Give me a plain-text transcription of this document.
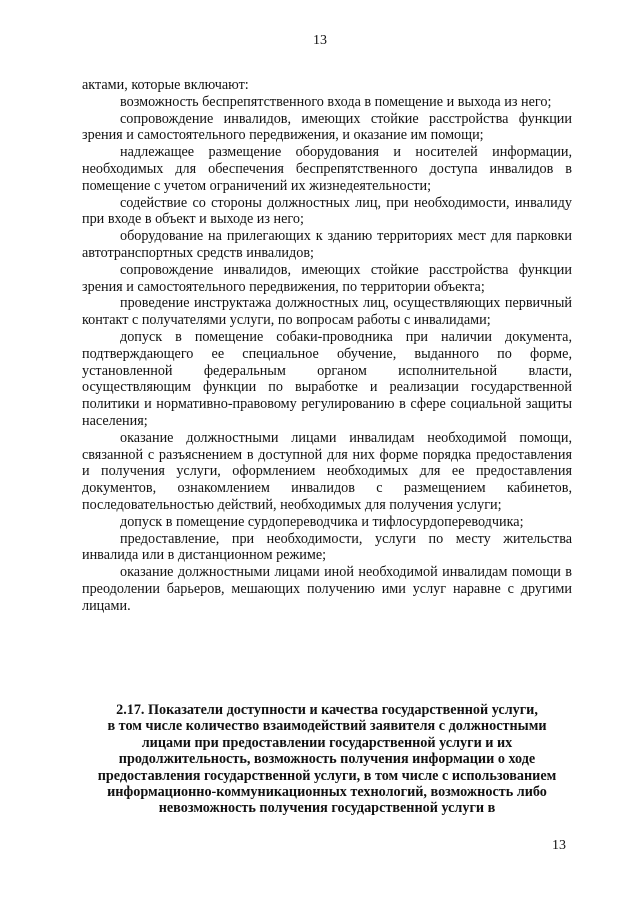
13

актами, которые включают:

возможность беспрепятственного входа в помещение и выхода из него;

сопровождение инвалидов, имеющих стойкие расстройства функции зрения и самостоятельного передвижения, и оказание им помощи;

надлежащее размещение оборудования и носителей информации, необходимых для обеспечения беспрепятственного доступа инвалидов в помещение с учетом ограничений их жизнедеятельности;

содействие со стороны должностных лиц, при необходимости, инвалиду при входе в объект и выходе из него;

оборудование на прилегающих к зданию территориях мест для парковки автотранспортных средств инвалидов;

сопровождение инвалидов, имеющих стойкие расстройства функции зрения и самостоятельного передвижения, по территории объекта;

проведение инструктажа должностных лиц, осуществляющих первичный контакт с получателями услуги, по вопросам работы с инвалидами;

допуск в помещение собаки-проводника при наличии документа, подтверждающего ее специальное обучение, выданного по форме, установленной федеральным органом исполнительной власти, осуществляющим функции по выработке и реализации государственной политики и нормативно-правовому регулированию в сфере социальной защиты населения;

оказание должностными лицами инвалидам необходимой помощи, связанной с разъяснением в доступной для них форме порядка предоставления и получения услуги, оформлением необходимых для ее предоставления документов, ознакомлением инвалидов с размещением кабинетов, последовательностью действий, необходимых для получения услуги;

допуск в помещение сурдопереводчика и тифлосурдопереводчика;

предоставление, при необходимости, услуги по месту жительства инвалида или в дистанционном режиме;

оказание должностными лицами иной необходимой инвалидам помощи в преодолении барьеров, мешающих получению ими услуг наравне с другими лицами.

2.17. Показатели доступности и качества государственной услуги,
в том числе количество взаимодействий заявителя с должностными
лицами при предоставлении государственной услуги и их
продолжительность, возможность получения информации о ходе
предоставления государственной услуги, в том числе с использованием
информационно-коммуникационных технологий, возможность либо
невозможность получения государственной услуги в
13
